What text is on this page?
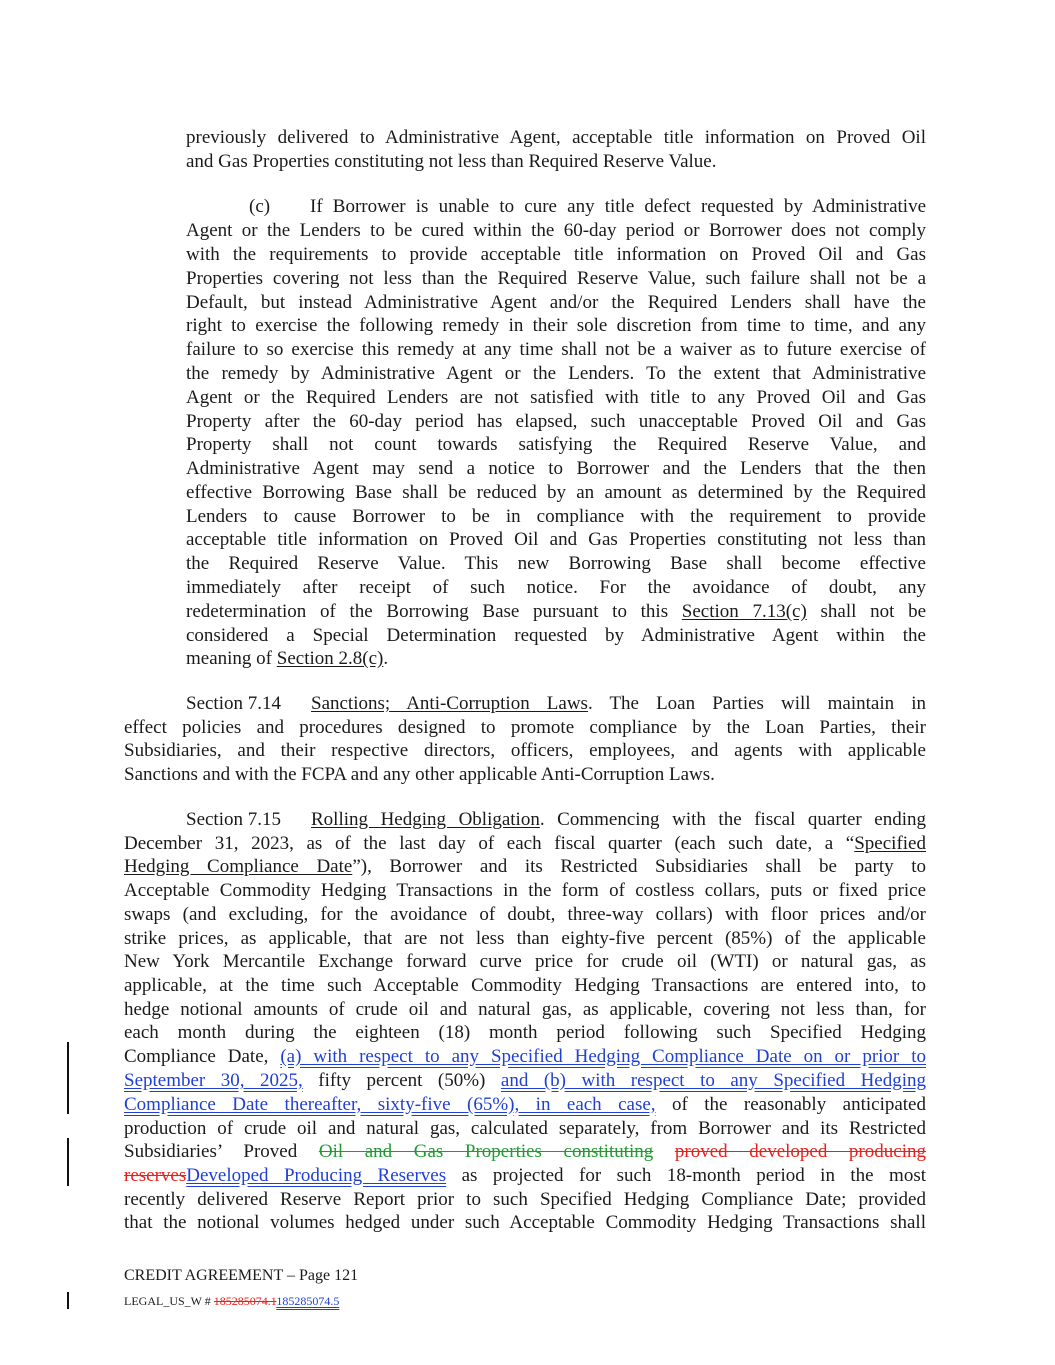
previously delivered to Administrative Agent, acceptable title information on Proved Oil
and Gas Properties constituting not less than Required Reserve Value.
(c) If Borrower is unable to cure any title defect requested by Administrative
Agent or the Lenders to be cured within the 60-day period or Borrower does not comply
with the requirements to provide acceptable title information on Proved Oil and Gas
Properties covering not less than the Required Reserve Value, such failure shall not be a
Default, but instead Administrative Agent and/or the Required Lenders shall have the
right to exercise the following remedy in their sole discretion from time to time, and any
failure to so exercise this remedy at any time shall not be a waiver as to future exercise of
the remedy by Administrative Agent or the Lenders. To the extent that Administrative
Agent or the Required Lenders are not satisfied with title to any Proved Oil and Gas
Property after the 60-day period has elapsed, such unacceptable Proved Oil and Gas
Property shall not count towards satisfying the Required Reserve Value, and
Administrative Agent may send a notice to Borrower and the Lenders that the then
effective Borrowing Base shall be reduced by an amount as determined by the Required
Lenders to cause Borrower to be in compliance with the requirement to provide
acceptable title information on Proved Oil and Gas Properties constituting not less than
the Required Reserve Value. This new Borrowing Base shall become effective
immediately after receipt of such notice. For the avoidance of doubt, any
redetermination of the Borrowing Base pursuant to this Section 7.13(c) shall not be
considered a Special Determination requested by Administrative Agent within the
meaning of Section 2.8(c).
Section 7.14 Sanctions; Anti-Corruption Laws. The Loan Parties will maintain in
effect policies and procedures designed to promote compliance by the Loan Parties, their
Subsidiaries, and their respective directors, officers, employees, and agents with applicable
Sanctions and with the FCPA and any other applicable Anti-Corruption Laws.
Section 7.15 Rolling Hedging Obligation. Commencing with the fiscal quarter ending
December 31, 2023, as of the last day of each fiscal quarter (each such date, a “Specified
Hedging Compliance Date”), Borrower and its Restricted Subsidiaries shall be party to
Acceptable Commodity Hedging Transactions in the form of costless collars, puts or fixed price
swaps (and excluding, for the avoidance of doubt, three-way collars) with floor prices and/or
strike prices, as applicable, that are not less than eighty-five percent (85%) of the applicable
New York Mercantile Exchange forward curve price for crude oil (WTI) or natural gas, as
applicable, at the time such Acceptable Commodity Hedging Transactions are entered into, to
hedge notional amounts of crude oil and natural gas, as applicable, covering not less than, for
each month during the eighteen (18) month period following such Specified Hedging
Compliance Date, (a) with respect to any Specified Hedging Compliance Date on or prior to
September 30, 2025, fifty percent (50%) and (b) with respect to any Specified Hedging
Compliance Date thereafter, sixty-five (65%), in each case, of the reasonably anticipated
production of crude oil and natural gas, calculated separately, from Borrower and its Restricted
Subsidiaries’ Proved Oil and Gas Properties constituting proved developed producing
reservesDeveloped Producing Reserves as projected for such 18-month period in the most
recently delivered Reserve Report prior to such Specified Hedging Compliance Date; provided
that the notional volumes hedged under such Acceptable Commodity Hedging Transactions shall
CREDIT AGREEMENT – Page 121
LEGAL_US_W # 185285074.1185285074.5
